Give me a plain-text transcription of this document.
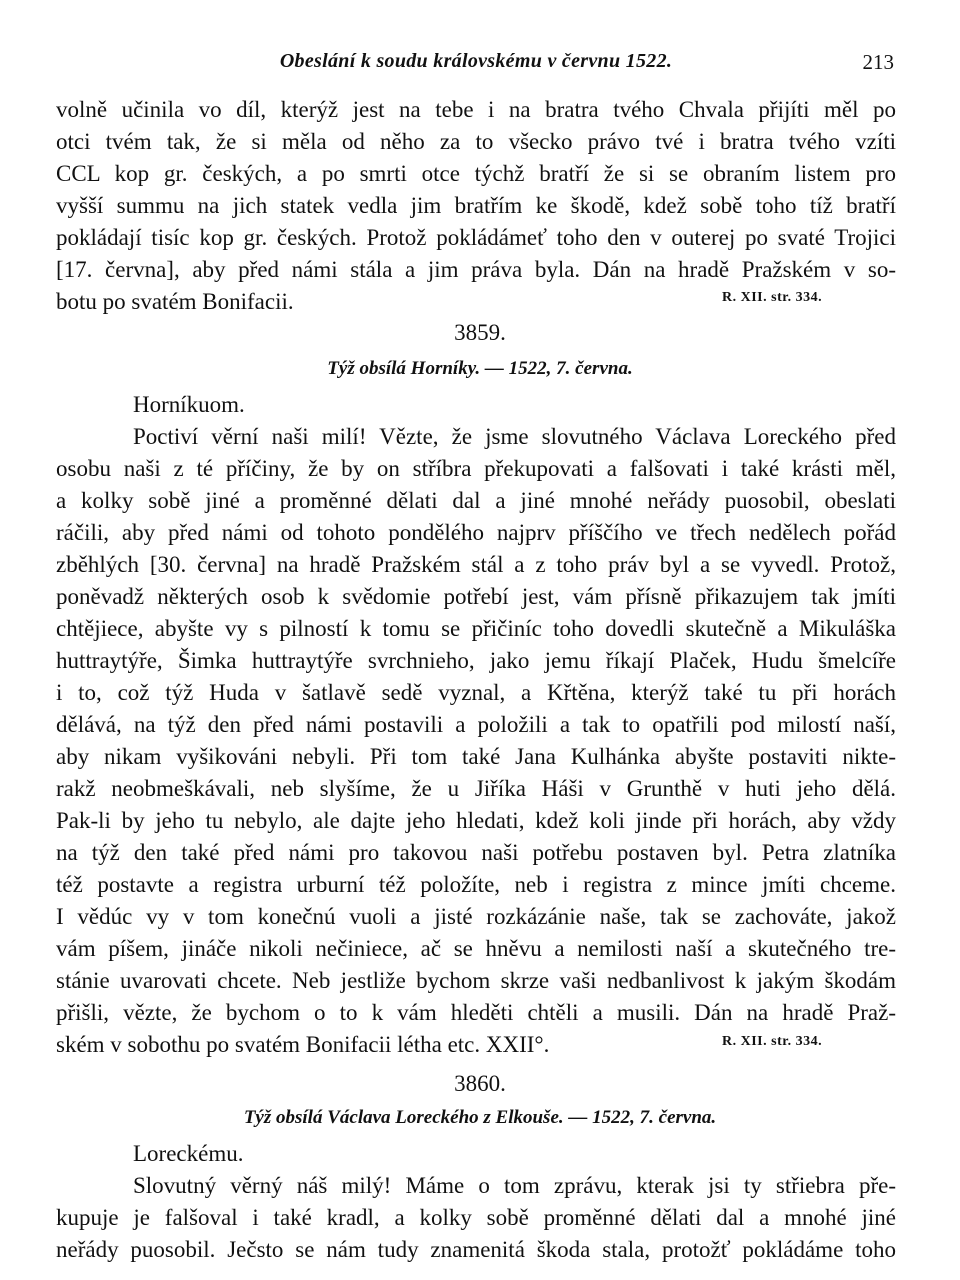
Obeslání k soudu královskému v červnu 1522.	213
volně učinila vo díl, kterýž jest na tebe i na bratra tvého Chvala přijíti měl po
otci tvém tak, že si měla od něho za to všecko právo tvé i bratra tvého vzíti
CCL kop gr. českých, a po smrti otce týchž bratří že si se obraním listem pro
vyšší summu na jich statek vedla jim bratřím ke škodě, kdež sobě toho tíž bratří
pokládají tisíc kop gr. českých. Protož pokládámeť toho den v outerej po svaté Trojici
[17. června], aby před námi stála a jim práva byla. Dán na hradě Pražském v so-
botu po svatém Bonifacii.	R. XII. str. 334.
3859.
Týž obsílá Horníky. — 1522, 7. června.
Horníkuom.
Poctiví věrní naši milí! Vězte, že jsme slovutného Václava Loreckého před
osobu naši z té příčiny, že by on stříbra překupovati a falšovati i také krásti měl,
a kolky sobě jiné a proměnné dělati dal a jiné mnohé neřády puosobil, obeslati
ráčili, aby před námi od tohoto pondělého najprv příščího ve třech nedělech pořád
zběhlých [30. června] na hradě Pražském stál a z toho práv byl a se vyvedl. Protož,
poněvadž některých osob k svědomie potřebí jest, vám přísně přikazujem tak jmíti
chtějiece, abyšte vy s pilností k tomu se přičiníc toho dovedli skutečně a Mikuláška
huttraytýře, Šimka huttraytýře svrchnieho, jako jemu říkají Plaček, Hudu šmelcíře
i to, což týž Huda v šatlavě sedě vyznal, a Křtěna, kterýž také tu při horách
dělává, na týž den před námi postavili a položili a tak to opatřili pod milostí naší,
aby nikam vyšikováni nebyli. Při tom také Jana Kulhánka abyšte postaviti nikte-
rakž neobmeškávali, neb slyšíme, že u Jiříka Háši v Grunthě v huti jeho dělá.
Pak-li by jeho tu nebylo, ale dajte jeho hledati, kdež koli jinde při horách, aby vždy
na týž den také před námi pro takovou naši potřebu postaven byl. Petra zlatníka
též postavte a registra urburní též položíte, neb i registra z mince jmíti chceme.
I vědúc vy v tom konečnú vuoli a jisté rozkázánie naše, tak se zachováte, jakož
vám píšem, jináče nikoli nečiniece, ač se hněvu a nemilosti naší a skutečného tre-
stánie uvarovati chcete. Neb jestliže bychom skrze vaši nedbanlivost k jakým škodám
přišli, vězte, že bychom o to k vám hleděti chtěli a musili. Dán na hradě Praž-
ském v sobothu po svatém Bonifacii létha etc. XXII°.	R. XII. str. 334.
3860.
Týž obsílá Václava Loreckého z Elkouše. — 1522, 7. června.
Loreckému.
Slovutný věrný náš milý! Máme o tom zprávu, kterak jsi ty střiebra pře-
kupuje je falšoval i také kradl, a kolky sobě proměnné dělati dal a mnohé jiné
neřády puosobil. Ječsto se nám tudy znamenitá škoda stala, protožť pokládáme toho
